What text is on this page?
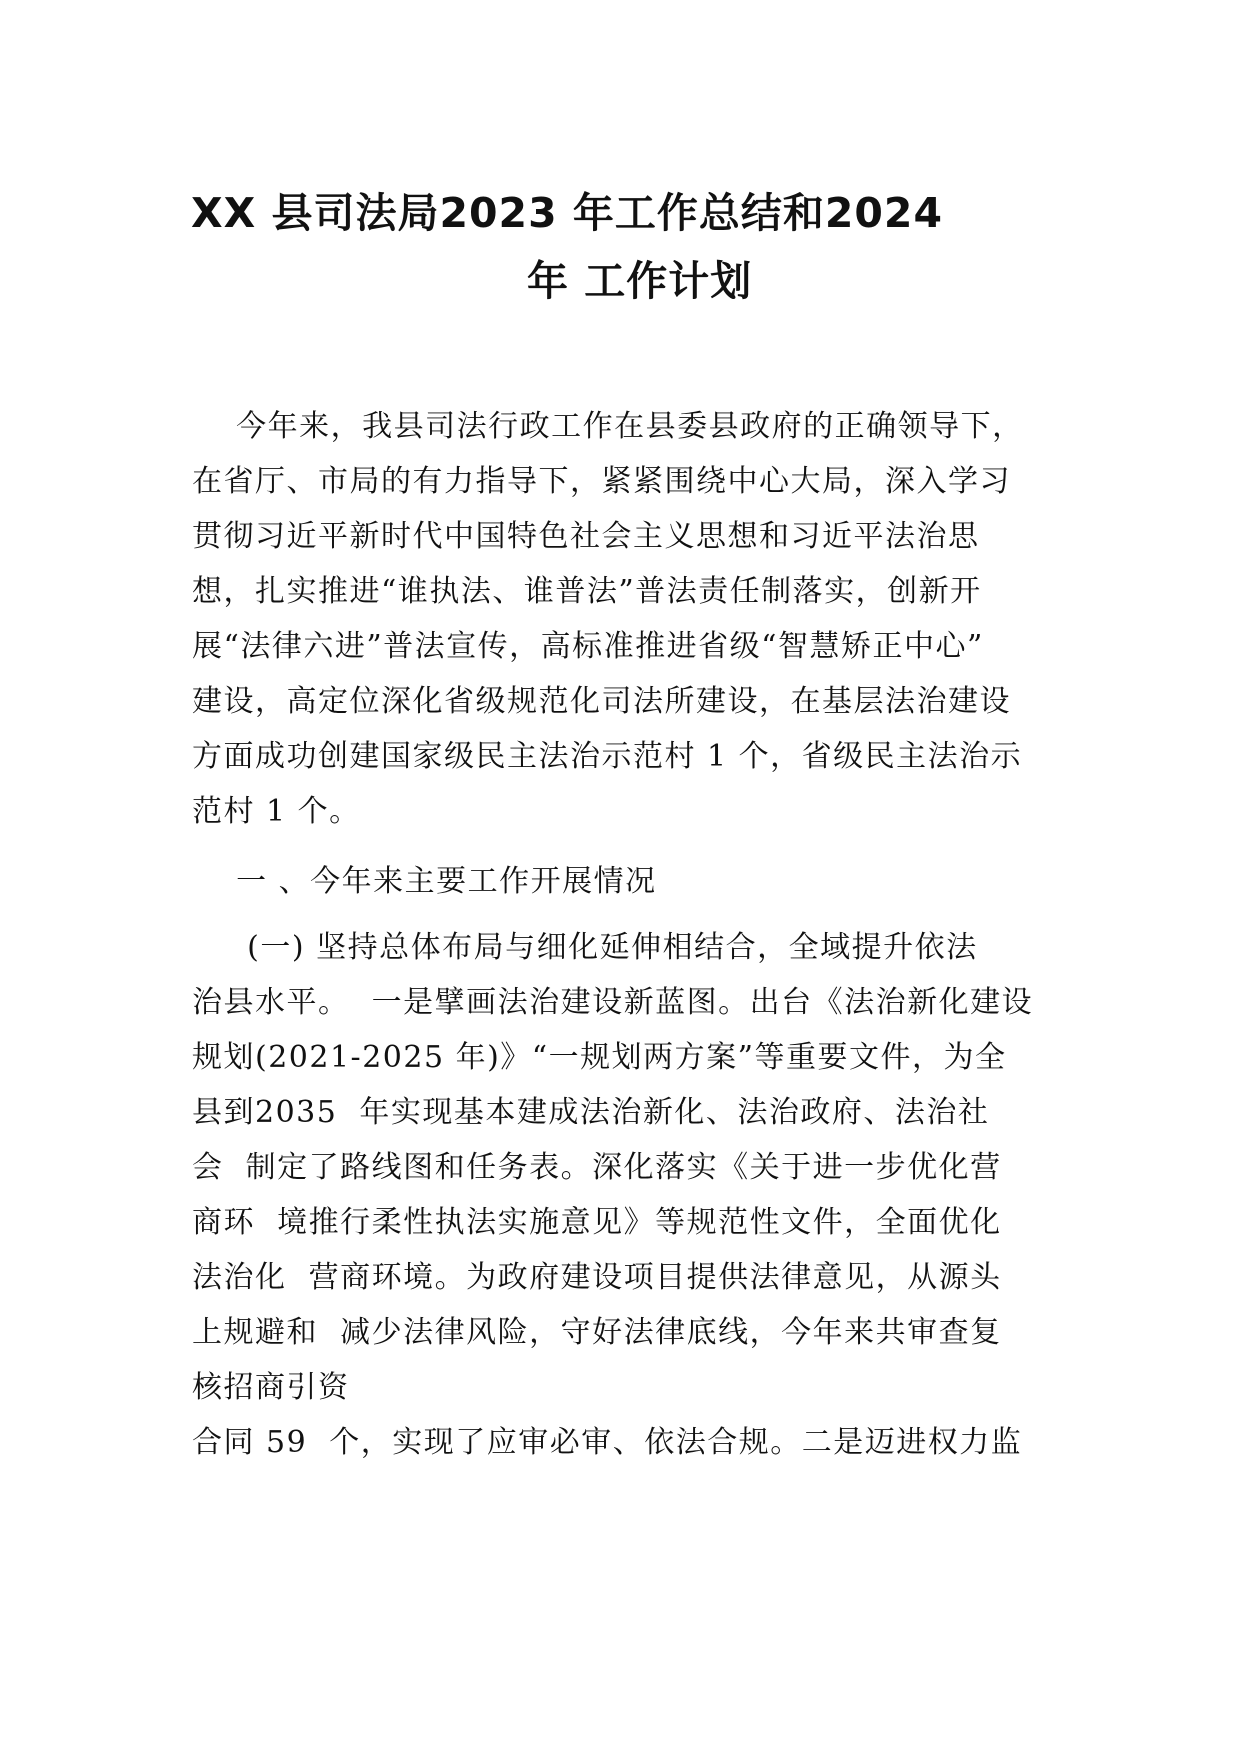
XX 县司法局2023 年工作总结和2024
年 工作计划
今年来，我县司法行政工作在县委县政府的正确领导下，
在省厅、市局的有力指导下，紧紧围绕中心大局，深入学习
贯彻习近平新时代中国特色社会主义思想和习近平法治思
想，扎实推进“谁执法、谁普法”普法责任制落实，创新开
展“法律六进”普法宣传，高标准推进省级“智慧矫正中心”
建设，高定位深化省级规范化司法所建设，在基层法治建设
方面成功创建国家级民主法治示范村 1 个，省级民主法治示
范村 1 个。
一 、今年来主要工作开展情况
(一) 坚持总体布局与细化延伸相结合，全域提升依法
治县水平。  一是擘画法治建设新蓝图。出台《法治新化建设
规划(2021-2025 年)》“一规划两方案”等重要文件，为全
县到2035  年实现基本建成法治新化、法治政府、法治社
会  制定了路线图和任务表。深化落实《关于进一步优化营
商环  境推行柔性执法实施意见》等规范性文件，全面优化
法治化  营商环境。为政府建设项目提供法律意见，从源头
上规避和  减少法律风险，守好法律底线，今年来共审查复
核招商引资
合同 59  个，实现了应审必审、依法合规。二是迈进权力监
